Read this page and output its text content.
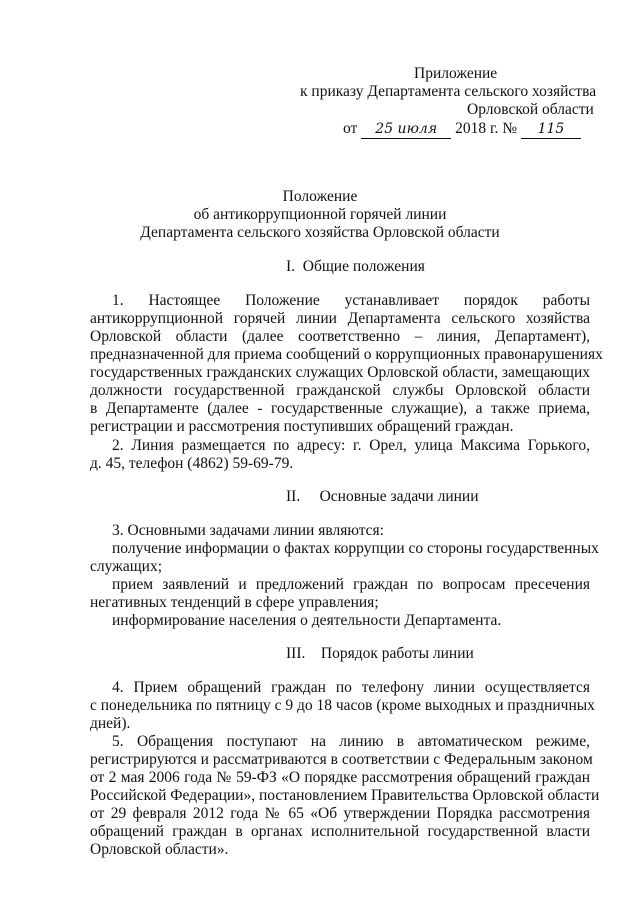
Приложение
к приказу Департамента сельского хозяйства
Орловской области
от 25 июля 2018 г. № 115
Положение
об антикоррупционной горячей линии
Департамента сельского хозяйства Орловской области
I. Общие положения
1. Настоящее Положение устанавливает порядок работы
антикоррупционной горячей линии Департамента сельского хозяйства
Орловской области (далее соответственно – линия, Департамент),
предназначенной для приема сообщений о коррупционных правонарушениях
государственных гражданских служащих Орловской области, замещающих
должности государственной гражданской службы Орловской области
в Департаменте (далее - государственные служащие), а также приема,
регистрации и рассмотрения поступивших обращений граждан.
2. Линия размещается по адресу: г. Орел, улица Максима Горького,
д. 45, телефон (4862) 59-69-79.
II. Основные задачи линии
3. Основными задачами линии являются:
получение информации о фактах коррупции со стороны государственных
служащих;
прием заявлений и предложений граждан по вопросам пресечения
негативных тенденций в сфере управления;
информирование населения о деятельности Департамента.
III. Порядок работы линии
4. Прием обращений граждан по телефону линии осуществляется
с понедельника по пятницу с 9 до 18 часов (кроме выходных и праздничных
дней).
5. Обращения поступают на линию в автоматическом режиме,
регистрируются и рассматриваются в соответствии с Федеральным законом
от 2 мая 2006 года № 59-ФЗ «О порядке рассмотрения обращений граждан
Российской Федерации», постановлением Правительства Орловской области
от 29 февраля 2012 года № 65 «Об утверждении Порядка рассмотрения
обращений граждан в органах исполнительной государственной власти
Орловской области».
